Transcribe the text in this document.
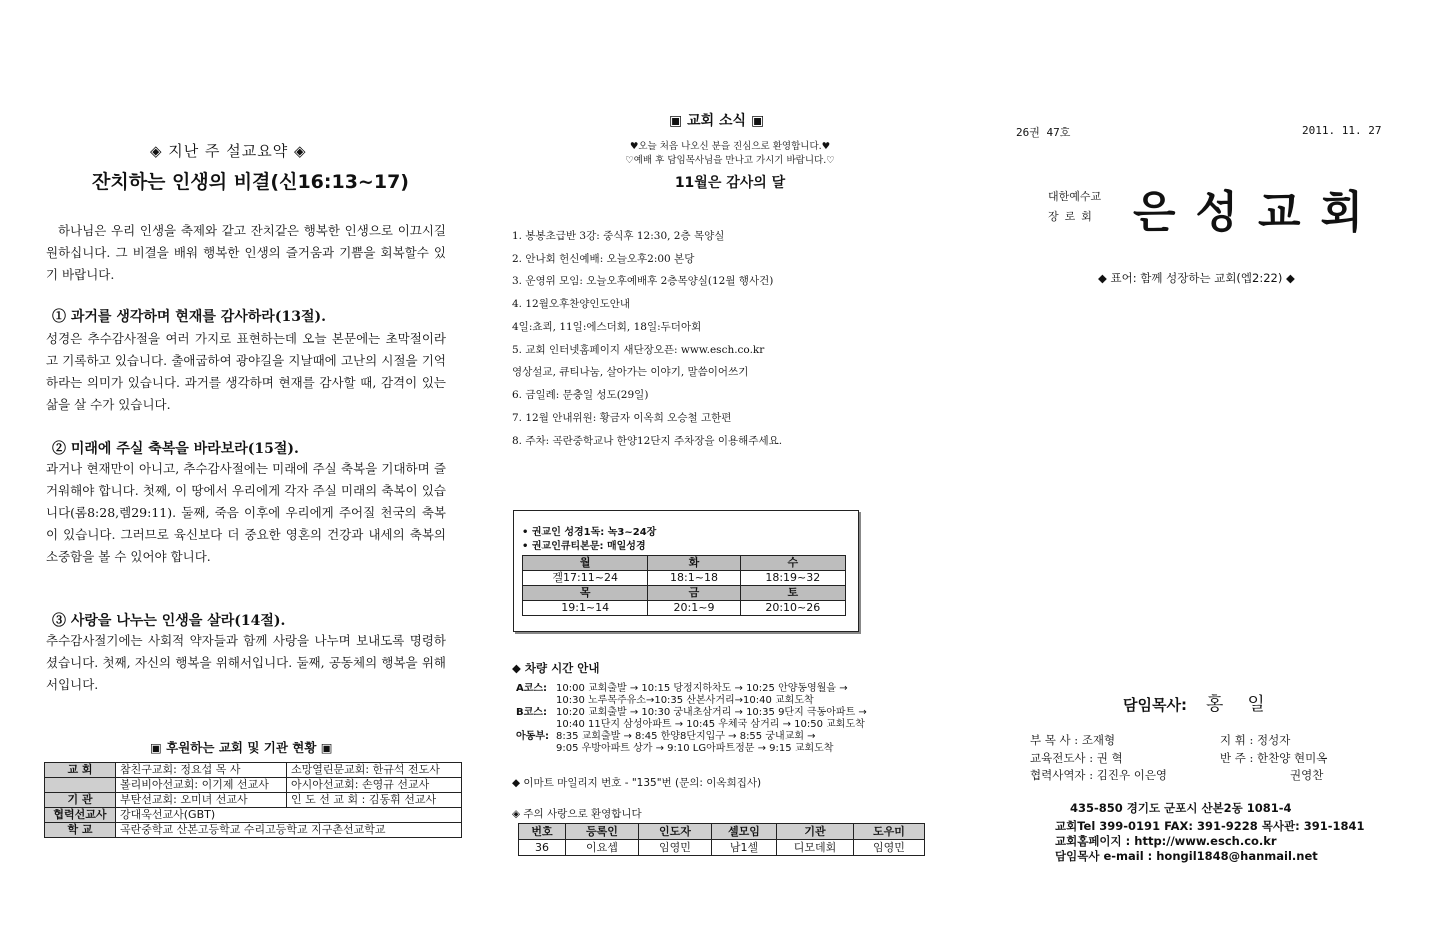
◈ 지난 주 설교요약 ◈
잔치하는 인생의 비결(신16:13~17)
하나님은 우리 인생을 축제와 같고 잔치같은 행복한 인생으로 이끄시길 원하십니다. 그 비결을 배워 행복한 인생의 즐거움과 기쁨을 회복할수 있기 바랍니다.
① 과거를 생각하며 현재를 감사하라(13절).
성경은 추수감사절을 여러 가지로 표현하는데 오늘 본문에는 초막절이라고 기록하고 있습니다. 출애굽하여 광야길을 지날때에 고난의 시절을 기억하라는 의미가 있습니다. 과거를 생각하며 현재를 감사할 때, 감격이 있는 삶을 살 수가 있습니다.
② 미래에 주실 축복을 바라보라(15절).
과거나 현재만이 아니고, 추수감사절에는 미래에 주실 축복을 기대하며 즐거워해야 합니다. 첫째, 이 땅에서 우리에게 각자 주실 미래의 축복이 있습니다(롬8:28,렘29:11). 둘째, 죽음 이후에 우리에게 주어질 천국의 축복이 있습니다. 그러므로 육신보다 더 중요한 영혼의 건강과 내세의 축복의 소중함을 볼 수 있어야 합니다.
③ 사랑을 나누는 인생을 살라(14절).
추수감사절기에는 사회적 약자들과 함께 사랑을 나누며 보내도록 명령하셨습니다. 첫째, 자신의 행복을 위해서입니다. 둘째, 공동체의 행복을 위해서입니다.
▣ 후원하는 교회 및 기관 현황 ▣
교 회	참친구교회: 정요섭 목 사	소망열린문교회: 한규석 전도사
	볼리비아선교회: 이기제 선교사	아시아선교회: 손영규 선교사
기 관	부탄선교회: 오미녀 선교사	인 도 선 교 회 : 김동휘 선교사
협력선교사	강대욱선교사(GBT)	
학 교	곡란중학교 산본고등학교 수리고등학교 지구촌선교학교	
▣ 교회 소식 ▣
♥오늘 처음 나오신 분을 진심으로 환영합니다.♥
♡예배 후 담임목사님을 만나고 가시기 바랍니다.♡
11월은 감사의 달
1. 봉봉초급반 3강: 중식후 12:30, 2층 목양실
2. 안나회 헌신예배: 오늘오후2:00 본당
3. 운영위 모임: 오늘오후예배후 2층목양실(12월 행사건)
4. 12월오후찬양인도안내
4일:쵸쾨, 11일:에스더회, 18일:두더아회
5. 교회 인터넷홈페이지 새단장오픈: www.esch.co.kr
영상설교, 큐티나눔, 살아가는 이야기, 말씀이어쓰기
6. 금일례: 문충일 성도(29일)
7. 12월 안내위원: 황금자 이옥희 오승철 고한편
8. 주차: 곡란중학교나 한양12단지 주차장을 이용해주세요.
• 권교인 성경1독: 녹3~24장
• 권교인큐티본문: 매일성경
월	화	수
겔17:11~24	18:1~18	18:19~32
목	금	토
19:1~14	20:1~9	20:10~26
◆ 차량 시간 안내
A코스: 10:00 교회출발 → 10:15 당정지하차도 → 10:25 안양동영월을 →
10:30 노루목주유소→10:35 산본사거리→10:40 교회도착
B코스: 10:20 교회출발 → 10:30 궁내초삼거리 → 10:35 9단지 극동아파트 →
10:40 11단지 삼성아파트 → 10:45 우체국 삼거리 → 10:50 교회도착
아동부: 8:35 교회출발 → 8:45 한양8단지입구 → 8:55 궁내교회 →
9:05 우방아파트 상가 → 9:10 LG아파트정문 → 9:15 교회도착
◆ 이마트 마일리지 번호 - "135"번 (문의: 이옥희집사)
◈ 주의 사랑으로 환영합니다
번호	등록인	인도자	셀모임	기관	도우미
36	이요셉	임영민	남1셀	디모데회	임영민
26권 47호	2011. 11. 27
대한예수교
장로회 은성교회
◆ 표어: 함께 성장하는 교회(엡2:22) ◆
담임목사: 홍일
부 목 사 : 조재형	지 휘 : 정성자
교육전도사 : 권 혁	반 주 : 한찬양 현미옥
협력사역자 : 김진우 이은영	권영찬
435-850 경기도 군포시 산본2동 1081-4
교회Tel 399-0191 FAX: 391-9228 목사관: 391-1841
교회홈페이지 : http://www.esch.co.kr
담임목사 e-mail : hongil1848@hanmail.net
